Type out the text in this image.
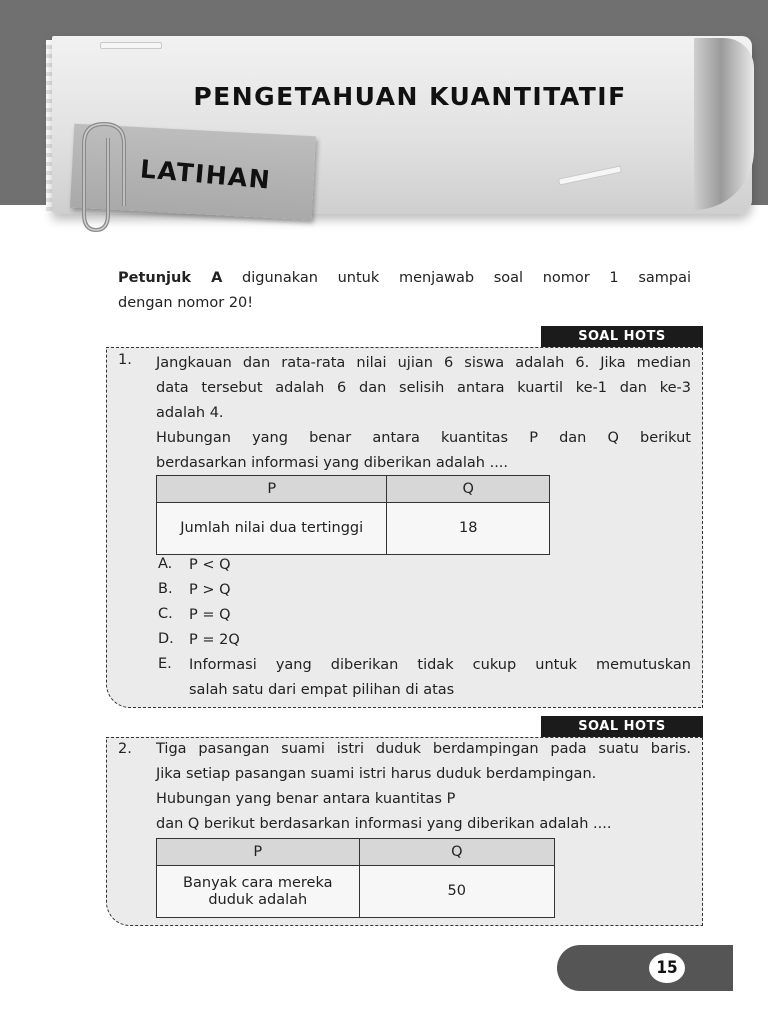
PENGETAHUAN KUANTITATIF
LATIHAN
Petunjuk A digunakan untuk menjawab soal nomor 1 sampai
dengan nomor 20!
SOAL HOTS
1. Jangkauan dan rata-rata nilai ujian 6 siswa adalah 6. Jika median
data tersebut adalah 6 dan selisih antara kuartil ke-1 dan ke-3
adalah 4.
Hubungan yang benar antara kuantitas P dan Q berikut
berdasarkan informasi yang diberikan adalah ....
P	Q
Jumlah nilai dua tertinggi	18
A. P < Q
B. P > Q
C. P = Q
D. P = 2Q
E. Informasi yang diberikan tidak cukup untuk memutuskan
salah satu dari empat pilihan di atas
SOAL HOTS
2. Tiga pasangan suami istri duduk berdampingan pada suatu baris.
Jika setiap pasangan suami istri harus duduk berdampingan.
Hubungan yang benar antara kuantitas P
dan Q berikut berdasarkan informasi yang diberikan adalah ....
P	Q
Banyak cara mereka duduk adalah	50
15
